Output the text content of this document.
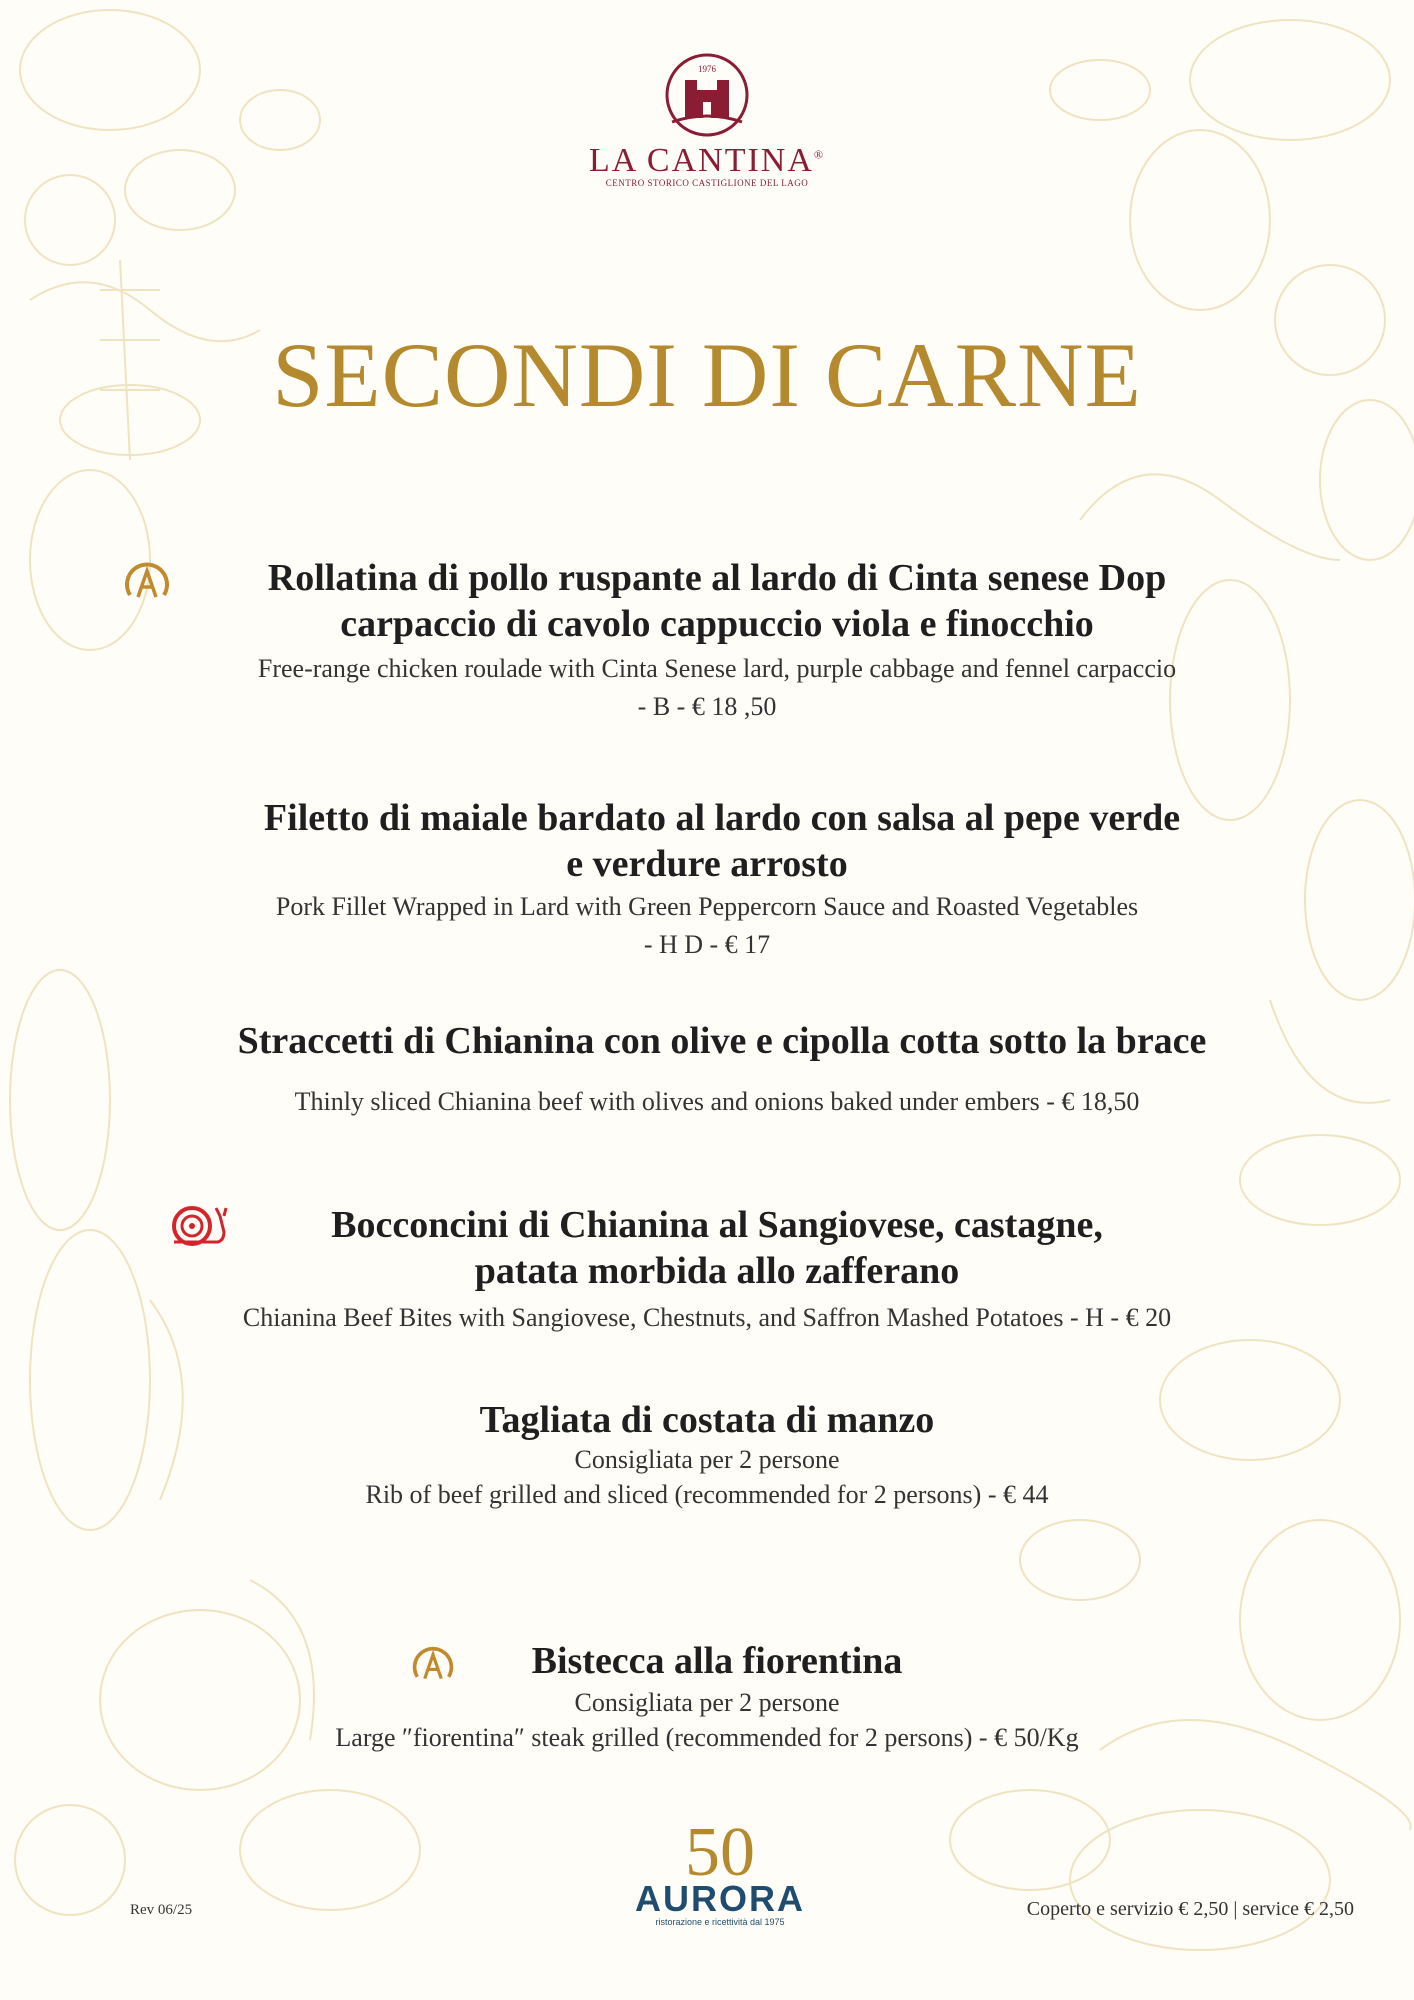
1976
LA CANTINA®
CENTRO STORICO CASTIGLIONE DEL LAGO
SECONDI DI CARNE
Rollatina di pollo ruspante al lardo di Cinta senese Dop
carpaccio di cavolo cappuccio viola e finocchio
Free-range chicken roulade with Cinta Senese lard, purple cabbage and fennel carpaccio
- B - € 18 ,50
Filetto di maiale bardato al lardo con salsa al pepe verde
e verdure arrosto
Pork Fillet Wrapped in Lard with Green Peppercorn Sauce and Roasted Vegetables
- H D - € 17
Straccetti di Chianina con olive e cipolla cotta sotto la brace
Thinly sliced Chianina beef with olives and onions baked under embers - € 18,50
Bocconcini di Chianina al Sangiovese, castagne,
patata morbida allo zafferano
Chianina Beef Bites with Sangiovese, Chestnuts, and Saffron Mashed Potatoes - H - € 20
Tagliata di costata di manzo
Consigliata per 2 persone
Rib of beef grilled and sliced (recommended for 2 persons) - € 44
Bistecca alla fiorentina
Consigliata per 2 persone
Large ″fiorentina″ steak grilled (recommended for 2 persons) - € 50/Kg
Rev 06/25
50
AURORA
ristorazione e ricettività dal 1975
Coperto e servizio € 2,50 | service € 2,50
